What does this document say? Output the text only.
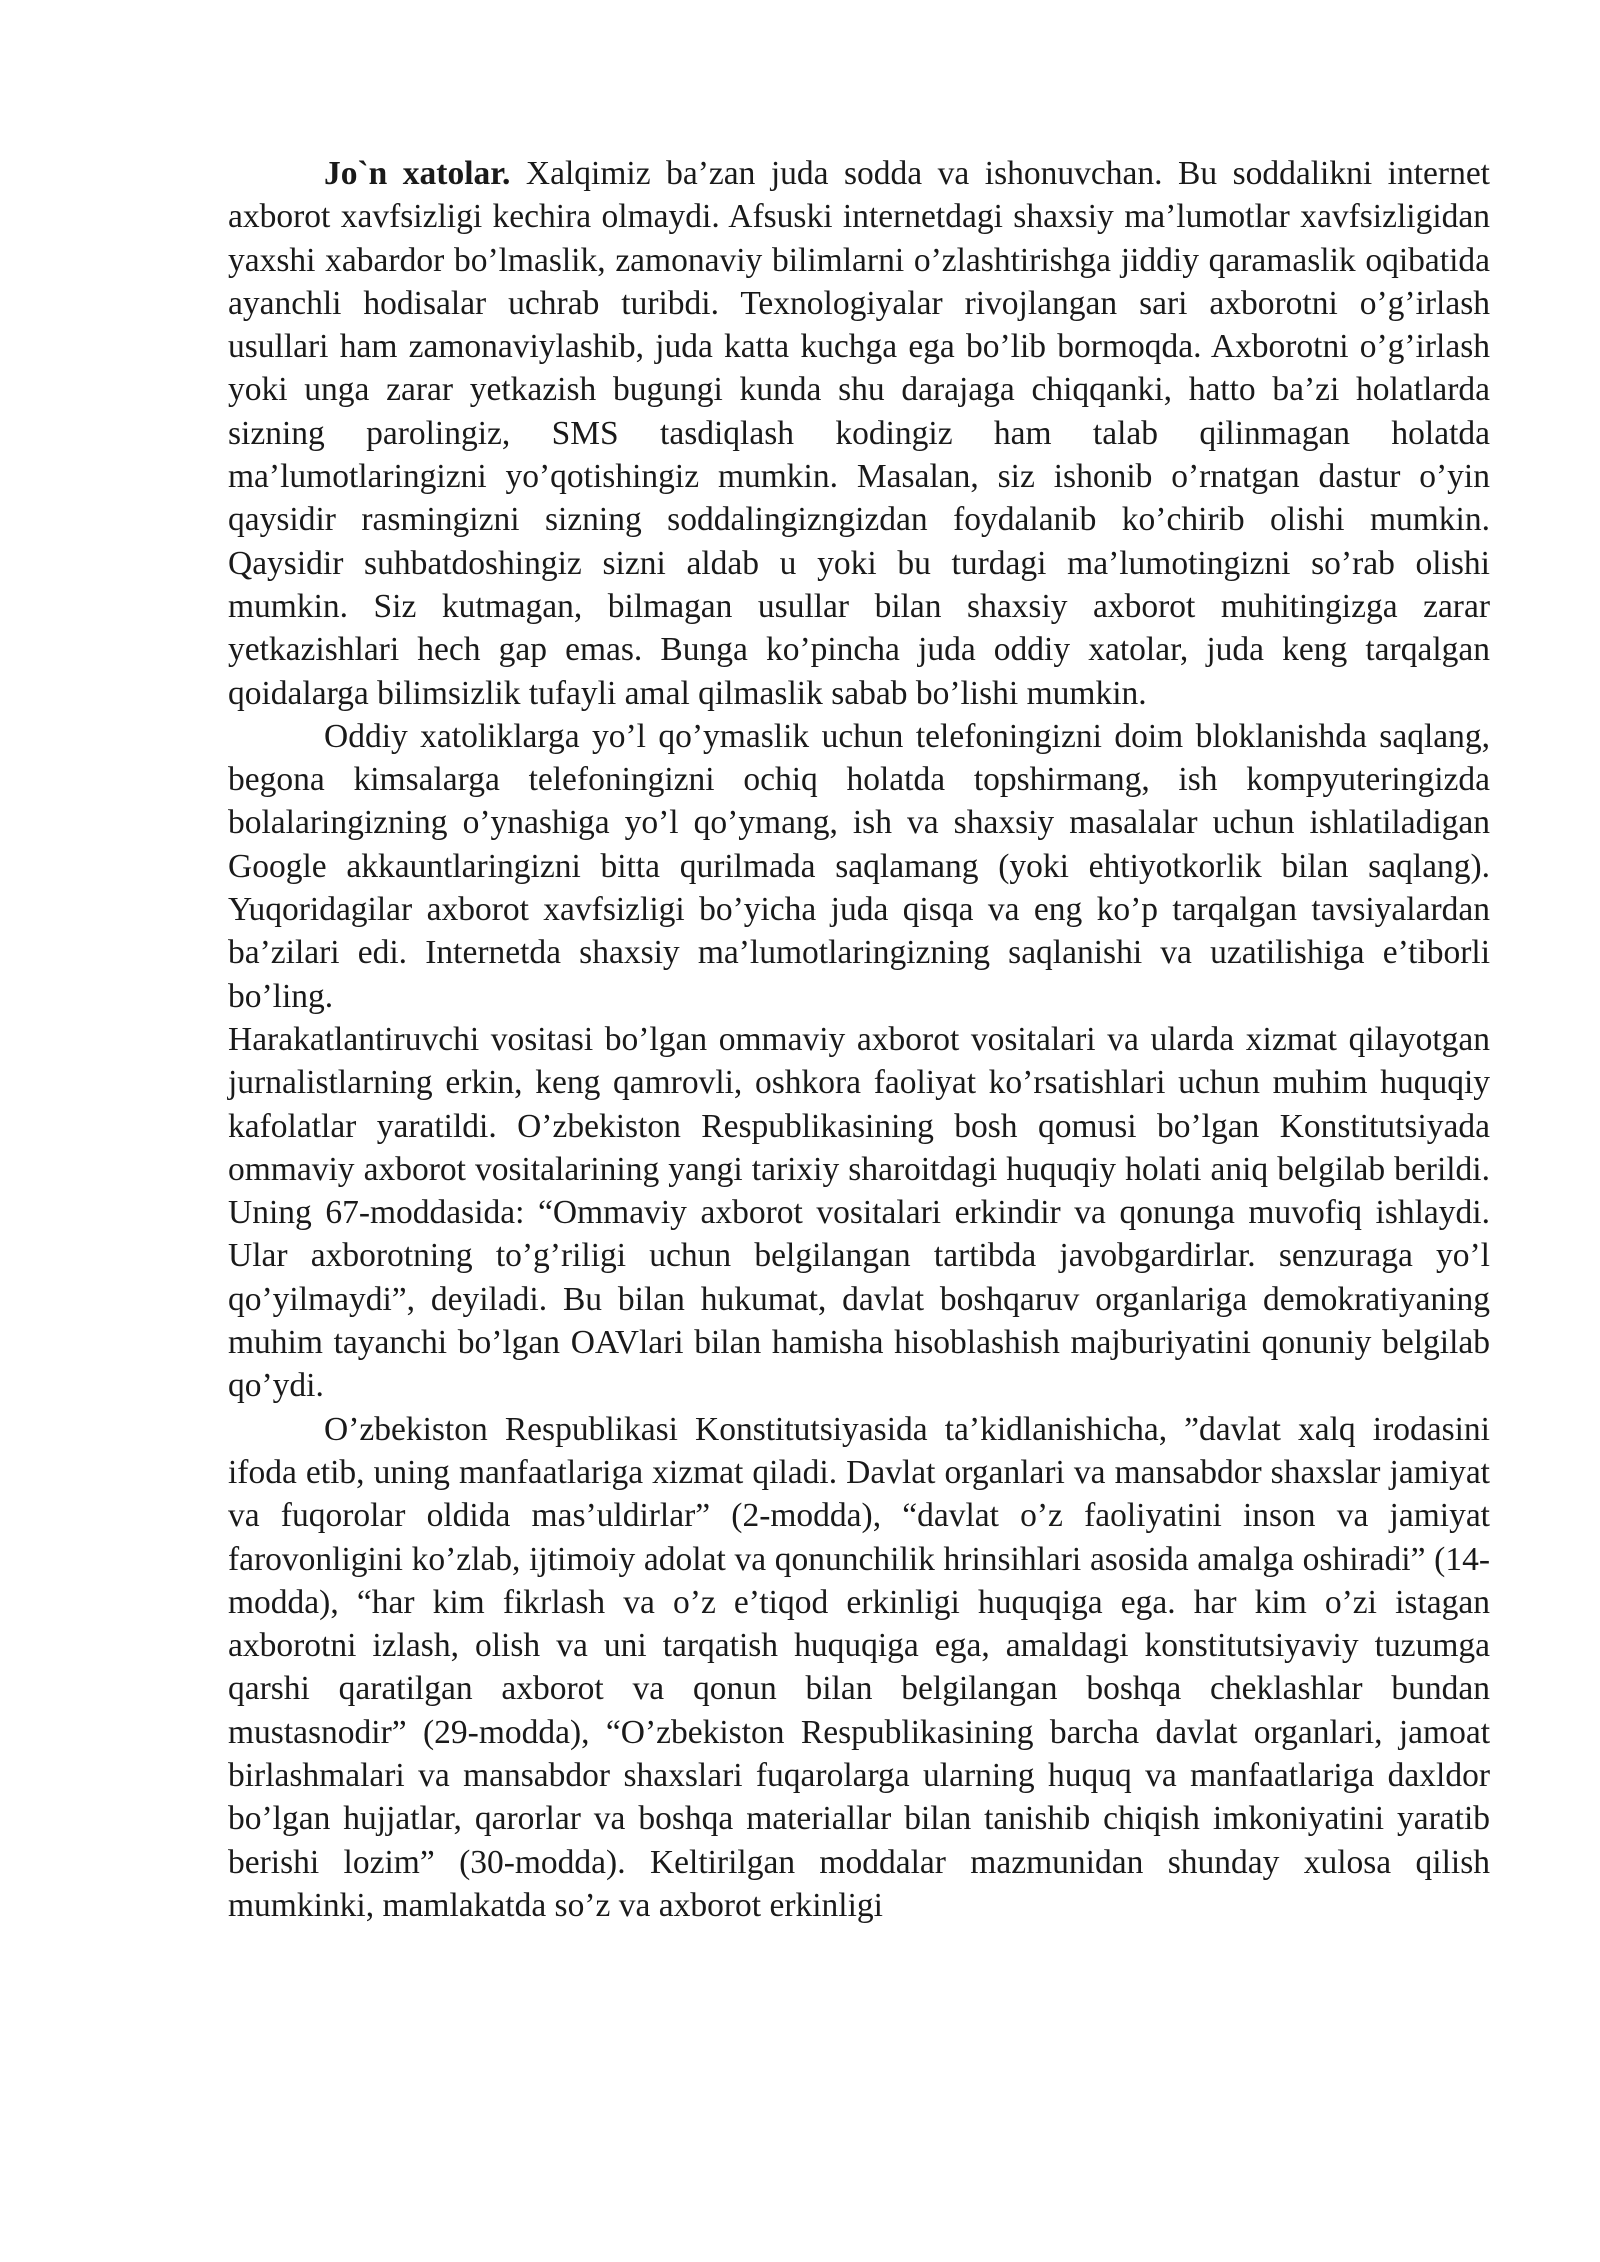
Jo`n xatolar. Xalqimiz ba’zan juda sodda va ishonuvchan. Bu soddalikni internet axborot xavfsizligi kechira olmaydi. Afsuski internetdagi shaxsiy ma’lumotlar xavfsizligidan yaxshi xabardor bo’lmaslik, zamonaviy bilimlarni o’zlashtirishga jiddiy qaramaslik oqibatida ayanchli hodisalar uchrab turibdi. Texnologiyalar rivojlangan sari axborotni o’g’irlash usullari ham zamonaviylashib, juda katta kuchga ega bo’lib bormoqda. Axborotni o’g’irlash yoki unga zarar yetkazish bugungi kunda shu darajaga chiqqanki, hatto ba’zi holatlarda sizning parolingiz, SMS tasdiqlash kodingiz ham talab qilinmagan holatda ma’lumotlaringizni yo’qotishingiz mumkin. Masalan, siz ishonib o’rnatgan dastur o’yin qaysidir rasmingizni sizning soddalingizngizdan foydalanib ko’chirib olishi mumkin. Qaysidir suhbatdoshingiz sizni aldab u yoki bu turdagi ma’lumotingizni so’rab olishi mumkin. Siz kutmagan, bilmagan usullar bilan shaxsiy axborot muhitingizga zarar yetkazishlari hech gap emas. Bunga ko’pincha juda oddiy xatolar, juda keng tarqalgan qoidalarga bilimsizlik tufayli amal qilmaslik sabab bo’lishi mumkin.

Oddiy xatoliklarga yo’l qo’ymaslik uchun telefoningizni doim bloklanishda saqlang, begona kimsalarga telefoningizni ochiq holatda topshirmang, ish kompyuteringizda bolalaringizning o’ynashiga yo’l qo’ymang, ish va shaxsiy masalalar uchun ishlatiladigan Google akkauntlaringizni bitta qurilmada saqlamang (yoki ehtiyotkorlik bilan saqlang). Yuqoridagilar axborot xavfsizligi bo’yicha juda qisqa va eng ko’p tarqalgan tavsiyalardan ba’zilari edi. Internetda shaxsiy ma’lumotlaringizning saqlanishi va uzatilishiga e’tiborli bo’ling.

Harakatlantiruvchi vositasi bo’lgan ommaviy axborot vositalari va ularda xizmat qilayotgan jurnalistlarning erkin, keng qamrovli, oshkora faoliyat ko’rsatishlari uchun muhim huquqiy kafolatlar yaratildi. O’zbekiston Respublikasining bosh qomusi bo’lgan Konstitutsiyada ommaviy axborot vositalarining yangi tarixiy sharoitdagi huquqiy holati aniq belgilab berildi. Uning 67-moddasida: “Ommaviy axborot vositalari erkindir va qonunga muvofiq ishlaydi. Ular axborotning to’g’riligi uchun belgilangan tartibda javobgardirlar. senzuraga yo’l qo’yilmaydi”, deyiladi. Bu bilan hukumat, davlat boshqaruv organlariga demokratiyaning muhim tayanchi bo’lgan OAVlari bilan hamisha hisoblashish majburiyatini qonuniy belgilab qo’ydi.

O’zbekiston Respublikasi Konstitutsiyasida ta’kidlanishicha, ”davlat xalq irodasini ifoda etib, uning manfaatlariga xizmat qiladi. Davlat organlari va mansabdor shaxslar jamiyat va fuqorolar oldida mas’uldirlar” (2-modda), “davlat o’z faoliyatini inson va jamiyat farovonligini ko’zlab, ijtimoiy adolat va qonunchilik hrinsihlari asosida amalga oshiradi” (14-modda), “har kim fikrlash va o’z e’tiqod erkinligi huquqiga ega. har kim o’zi istagan axborotni izlash, olish va uni tarqatish huquqiga ega, amaldagi konstitutsiyaviy tuzumga qarshi qaratilgan axborot va qonun bilan belgilangan boshqa cheklashlar bundan mustasnodir” (29-modda), “O’zbekiston Respublikasining barcha davlat organlari, jamoat birlashmalari va mansabdor shaxslari fuqarolarga ularning huquq va manfaatlariga daxldor bo’lgan hujjatlar, qarorlar va boshqa materiallar bilan tanishib chiqish imkoniyatini yaratib berishi lozim” (30-modda). Keltirilgan moddalar mazmunidan shunday xulosa qilish mumkinki, mamlakatda so’z va axborot erkinligi
